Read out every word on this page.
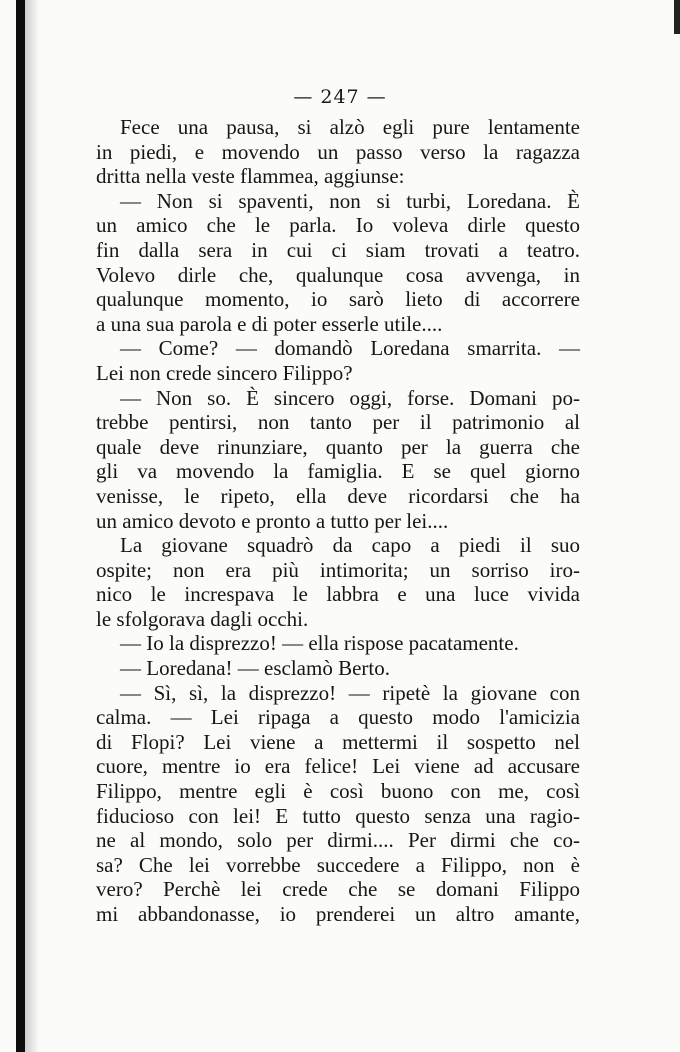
— 247 —
Fece una pausa, si alzò egli pure lentamente
in piedi, e movendo un passo verso la ragazza
dritta nella veste flammea, aggiunse:
— Non si spaventi, non si turbi, Loredana. È
un amico che le parla. Io voleva dirle questo
fin dalla sera in cui ci siam trovati a teatro.
Volevo dirle che, qualunque cosa avvenga, in
qualunque momento, io sarò lieto di accorrere
a una sua parola e di poter esserle utile....
— Come? — domandò Loredana smarrita. —
Lei non crede sincero Filippo?
— Non so. È sincero oggi, forse. Domani po-
trebbe pentirsi, non tanto per il patrimonio al
quale deve rinunziare, quanto per la guerra che
gli va movendo la famiglia. E se quel giorno
venisse, le ripeto, ella deve ricordarsi che ha
un amico devoto e pronto a tutto per lei....
La giovane squadrò da capo a piedi il suo
ospite; non era più intimorita; un sorriso iro-
nico le increspava le labbra e una luce vivida
le sfolgorava dagli occhi.
— Io la disprezzo! — ella rispose pacatamente.
— Loredana! — esclamò Berto.
— Sì, sì, la disprezzo! — ripetè la giovane con
calma. — Lei ripaga a questo modo l'amicizia
di Flopi? Lei viene a mettermi il sospetto nel
cuore, mentre io era felice! Lei viene ad accusare
Filippo, mentre egli è così buono con me, così
fiducioso con lei! E tutto questo senza una ragio-
ne al mondo, solo per dirmi.... Per dirmi che co-
sa? Che lei vorrebbe succedere a Filippo, non è
vero? Perchè lei crede che se domani Filippo
mi abbandonasse, io prenderei un altro amante,
